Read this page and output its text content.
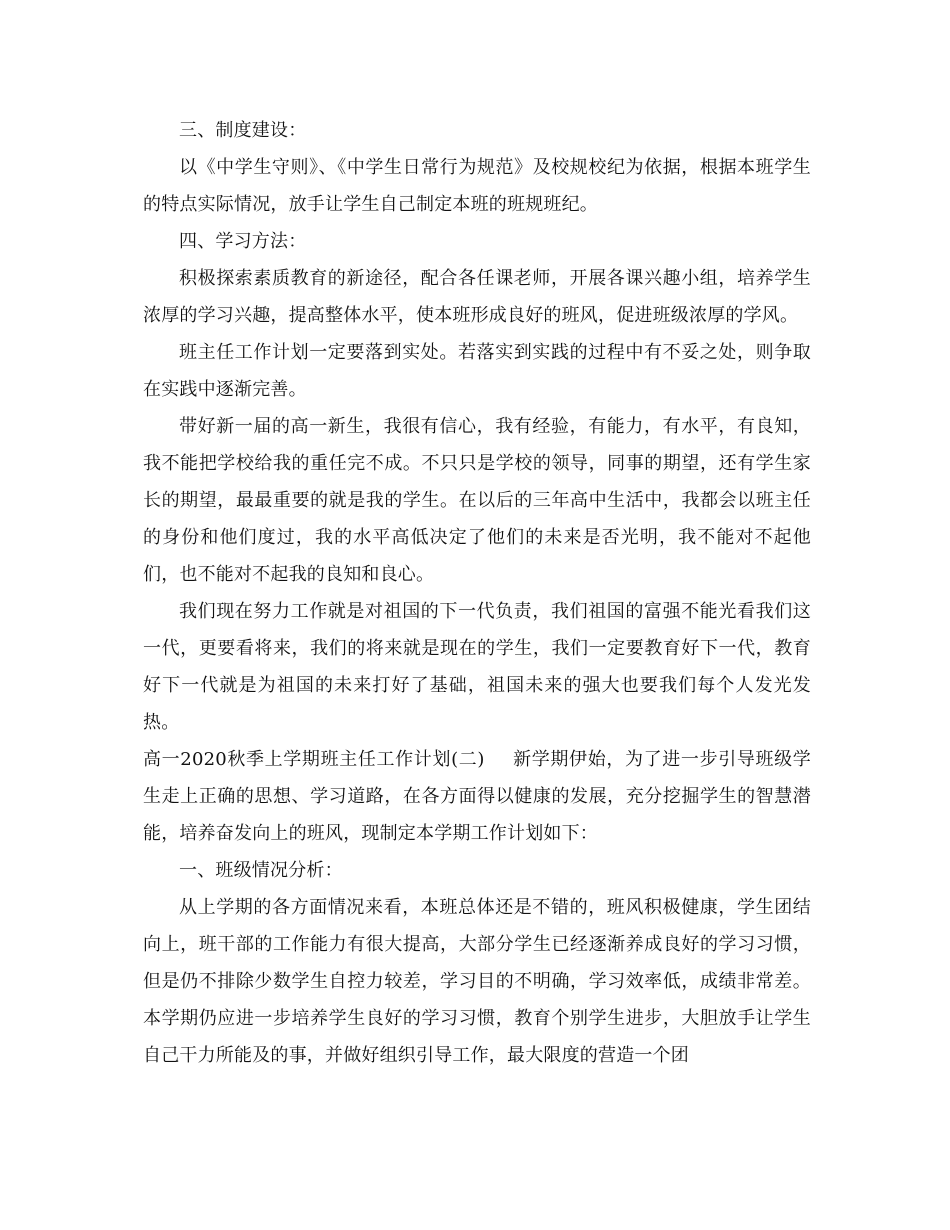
三、制度建设：

以《中学生守则》、《中学生日常行为规范》及校规校纪为依据，根据本班学生的特点实际情况，放手让学生自己制定本班的班规班纪。

四、学习方法：

积极探索素质教育的新途径，配合各任课老师，开展各课兴趣小组，培养学生浓厚的学习兴趣，提高整体水平，使本班形成良好的班风，促进班级浓厚的学风。

班主任工作计划一定要落到实处。若落实到实践的过程中有不妥之处，则争取在实践中逐渐完善。

带好新一届的高一新生，我很有信心，我有经验，有能力，有水平，有良知，我不能把学校给我的重任完不成。不只只是学校的领导，同事的期望，还有学生家长的期望，最最重要的就是我的学生。在以后的三年高中生活中，我都会以班主任的身份和他们度过，我的水平高低决定了他们的未来是否光明，我不能对不起他们，也不能对不起我的良知和良心。

我们现在努力工作就是对祖国的下一代负责，我们祖国的富强不能光看我们这一代，更要看将来，我们的将来就是现在的学生，我们一定要教育好下一代，教育好下一代就是为祖国的未来打好了基础，祖国未来的强大也要我们每个人发光发热。

高一2020秋季上学期班主任工作计划(二) 新学期伊始，为了进一步引导班级学生走上正确的思想、学习道路，在各方面得以健康的发展，充分挖掘学生的智慧潜能，培养奋发向上的班风，现制定本学期工作计划如下：

一、班级情况分析：

从上学期的各方面情况来看，本班总体还是不错的，班风积极健康，学生团结向上，班干部的工作能力有很大提高，大部分学生已经逐渐养成良好的学习习惯，但是仍不排除少数学生自控力较差，学习目的不明确，学习效率低，成绩非常差。本学期仍应进一步培养学生良好的学习习惯，教育个别学生进步，大胆放手让学生自己干力所能及的事，并做好组织引导工作，最大限度的营造一个团
